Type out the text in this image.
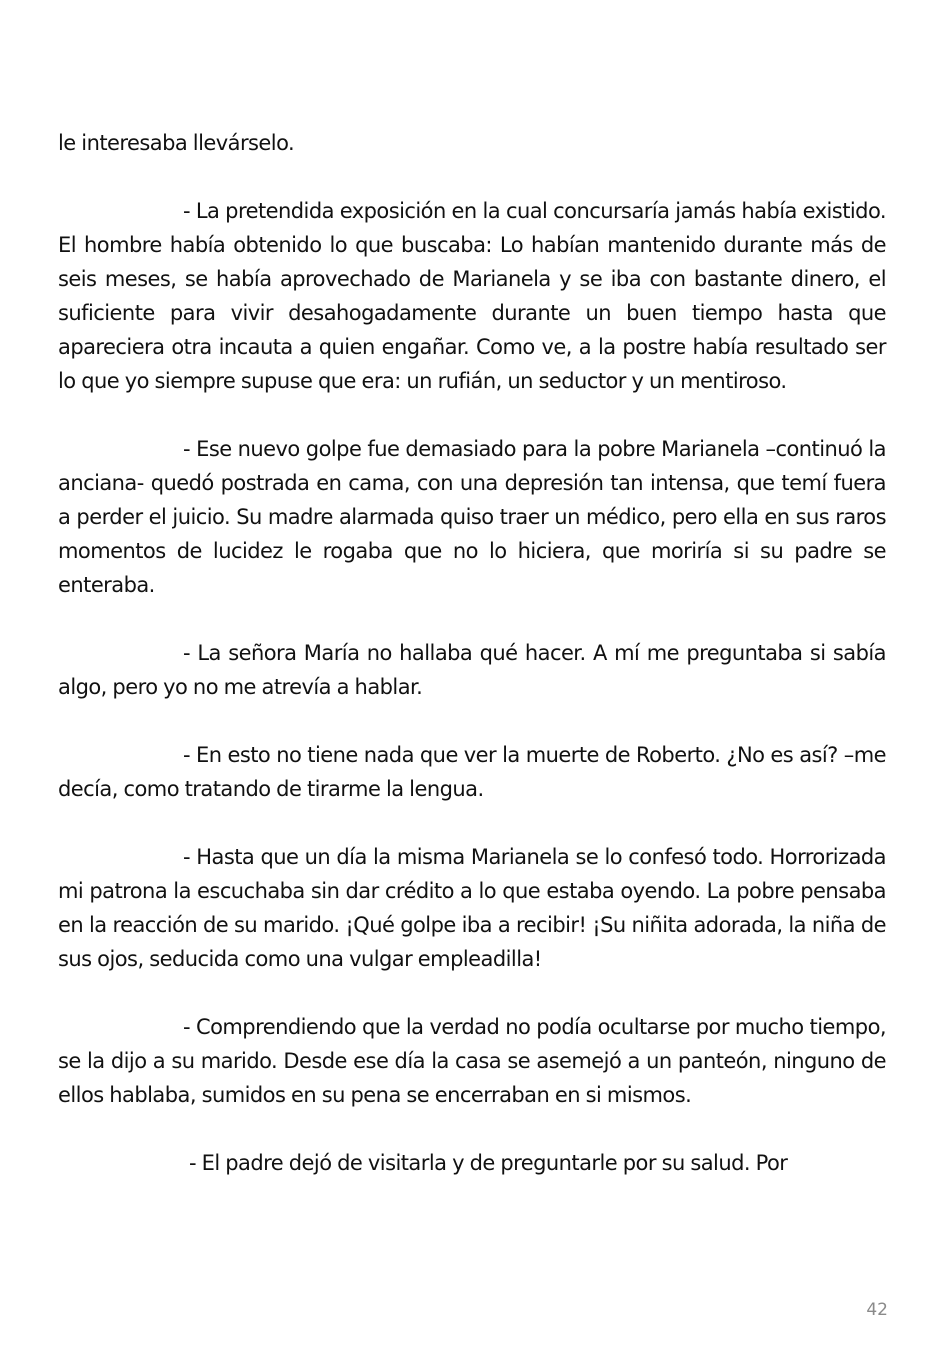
le interesaba llevárselo.

- La pretendida exposición en la cual concursaría jamás había existido. El hombre había obtenido lo que buscaba: Lo habían mantenido durante más de seis meses, se había aprovechado de Marianela y se iba con bastante dinero, el suficiente para vivir desahogadamente durante un buen tiempo hasta que apareciera otra incauta a quien engañar. Como ve, a la postre había resultado ser lo que yo siempre supuse que era: un rufián, un seductor y un mentiroso.

- Ese nuevo golpe fue demasiado para la pobre Marianela –continuó la anciana- quedó postrada en cama, con una depresión tan intensa, que temí fuera a perder el juicio. Su madre alarmada quiso traer un médico, pero ella en sus raros momentos de lucidez le rogaba que no lo hiciera, que moriría si su padre se enteraba.

- La señora María no hallaba qué hacer. A mí me preguntaba si sabía algo, pero yo no me atrevía a hablar.

- En esto no tiene nada que ver la muerte de Roberto. ¿No es así? –me decía, como tratando de tirarme la lengua.

- Hasta que un día la misma Marianela se lo confesó todo. Horrorizada mi patrona la escuchaba sin dar crédito a lo que estaba oyendo. La pobre pensaba en la reacción de su marido. ¡Qué golpe iba a recibir! ¡Su niñita adorada, la niña de sus ojos, seducida como una vulgar empleadilla!

- Comprendiendo que la verdad no podía ocultarse por mucho tiempo, se la dijo a su marido. Desde ese día la casa se asemejó a un panteón, ninguno de ellos hablaba, sumidos en su pena se encerraban en si mismos.

- El padre dejó de visitarla y de preguntarle por su salud. Por

42
